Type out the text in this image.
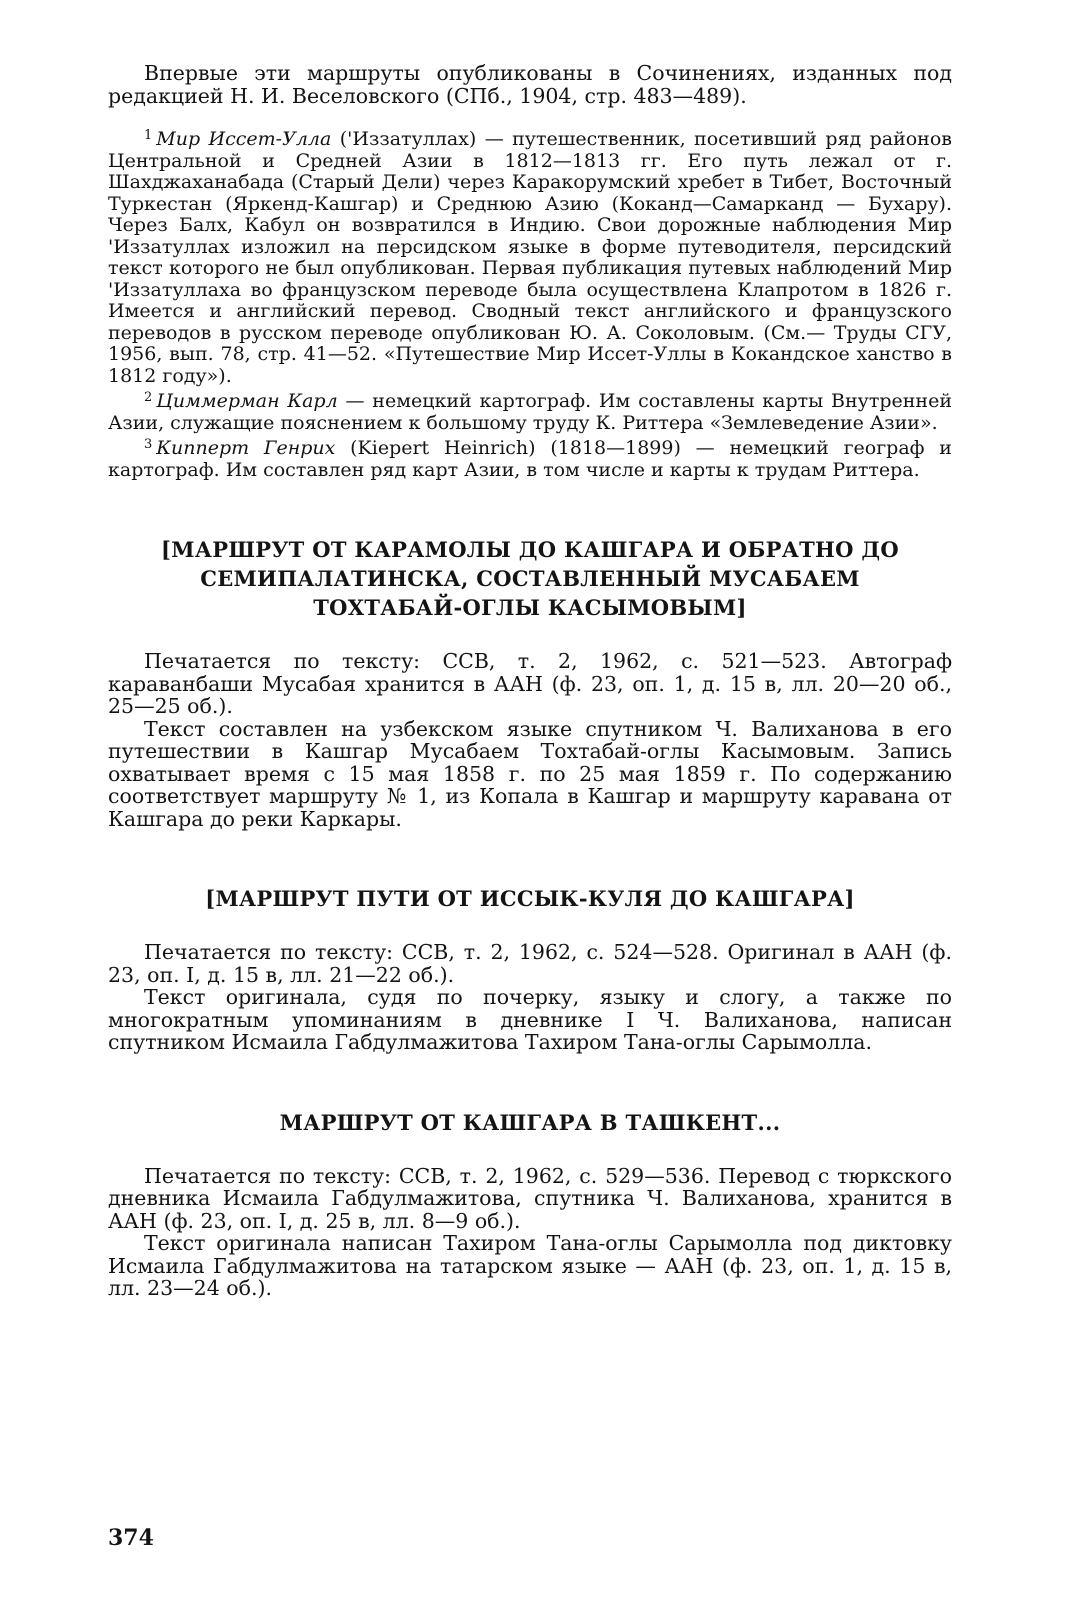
Впервые эти маршруты опубликованы в Сочинениях, изданных под редакцией Н. И. Веселовского (СПб., 1904, стр. 483—489).

$^1$ Мир Иссет-Улла ('Иззатуллах) — путешественник, посетивший ряд районов Центральной и Средней Азии в 1812—1813 гг. Его путь лежал от г. Шахджаханабада (Старый Дели) через Каракорумский хребет в Тибет, Восточный Туркестан (Яркенд-Кашгар) и Среднюю Азию (Коканд—Самарканд — Бухару). Через Балх, Кабул он возвратился в Индию. Свои дорожные наблюдения Мир 'Иззатуллах изложил на персидском языке в форме путеводителя, персидский текст которого не был опубликован. Первая публикация путевых наблюдений Мир 'Иззатуллаха во французском переводе была осуществлена Клапротом в 1826 г. Имеется и английский перевод. Сводный текст английского и французского переводов в русском переводе опубликован Ю. А. Соколовым. (См.— Труды СГУ, 1956, вып. 78, стр. 41—52. «Путешествие Мир Иссет-Уллы в Кокандское ханство в 1812 году»).

$^2$ Циммерман Карл — немецкий картограф. Им составлены карты Внутренней Азии, служащие пояснением к большому труду К. Риттера «Землеведение Азии».

$^3$ Кипперт Генрих (Kiepert Heinrich) (1818—1899) — немецкий географ и картограф. Им составлен ряд карт Азии, в том числе и карты к трудам Риттера.

[МАРШРУТ ОТ КАРАМОЛЫ ДО КАШГАРА И ОБРАТНО ДО СЕМИПАЛАТИНСКА, СОСТАВЛЕННЫЙ МУСАБАЕМ ТОХТАБАЙ-ОГЛЫ КАСЫМОВЫМ]

Печатается по тексту: ССВ, т. 2, 1962, с. 521—523. Автограф караванбаши Мусабая хранится в ААН (ф. 23, оп. 1, д. 15 в, лл. 20—20 об., 25—25 об.).

Текст составлен на узбекском языке спутником Ч. Валиханова в его путешествии в Кашгар Мусабаем Тохтабай-оглы Касымовым. Запись охватывает время с 15 мая 1858 г. по 25 мая 1859 г. По содержанию соответствует маршруту № 1, из Копала в Кашгар и маршруту каравана от Кашгара до реки Каркары.

[МАРШРУТ ПУТИ ОТ ИССЫК-КУЛЯ ДО КАШГАРА]

Печатается по тексту: ССВ, т. 2, 1962, с. 524—528. Оригинал в ААН (ф. 23, оп. I, д. 15 в, лл. 21—22 об.).

Текст оригинала, судя по почерку, языку и слогу, а также по многократным упоминаниям в дневнике I Ч. Валиханова, написан спутником Исмаила Габдулмажитова Тахиром Тана-оглы Сарымолла.

МАРШРУТ ОТ КАШГАРА В ТАШКЕНТ...

Печатается по тексту: ССВ, т. 2, 1962, с. 529—536. Перевод с тюркского дневника Исмаила Габдулмажитова, спутника Ч. Валиханова, хранится в ААН (ф. 23, оп. I, д. 25 в, лл. 8—9 об.).

Текст оригинала написан Тахиром Тана-оглы Сарымолла под диктовку Исмаила Габдулмажитова на татарском языке — ААН (ф. 23, оп. 1, д. 15 в, лл. 23—24 об.).

374
